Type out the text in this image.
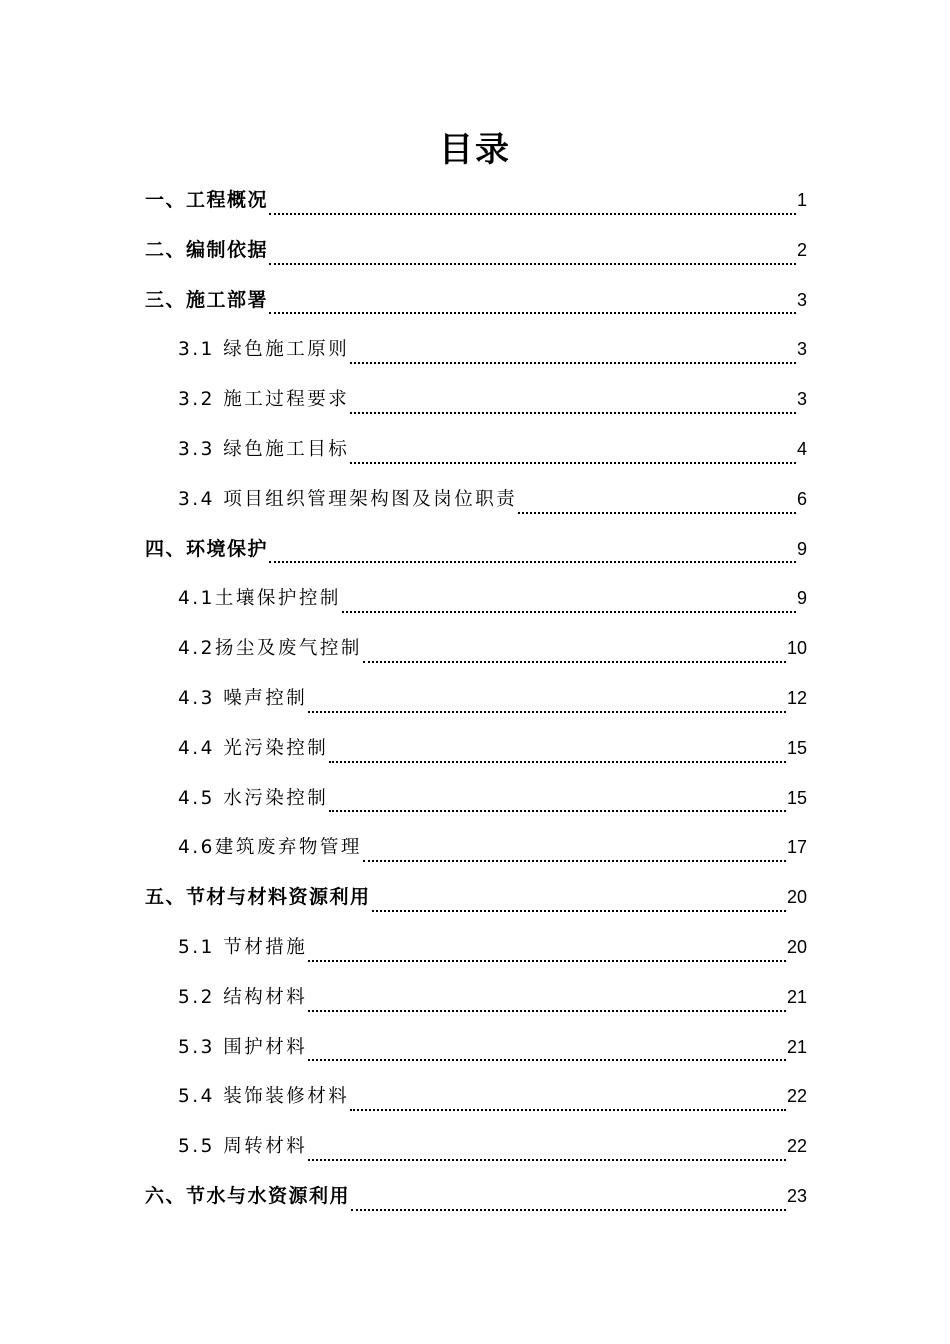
目录
一、工程概况	1
二、编制依据	2
三、施工部署	3
3.1 绿色施工原则	3
3.2 施工过程要求	3
3.3 绿色施工目标	4
3.4 项目组织管理架构图及岗位职责	6
四、环境保护	9
4.1土壤保护控制	9
4.2扬尘及废气控制	10
4.3 噪声控制	12
4.4 光污染控制	15
4.5 水污染控制	15
4.6建筑废弃物管理	17
五、节材与材料资源利用	20
5.1 节材措施	20
5.2 结构材料	21
5.3 围护材料	21
5.4 装饰装修材料	22
5.5 周转材料	22
六、节水与水资源利用	23
